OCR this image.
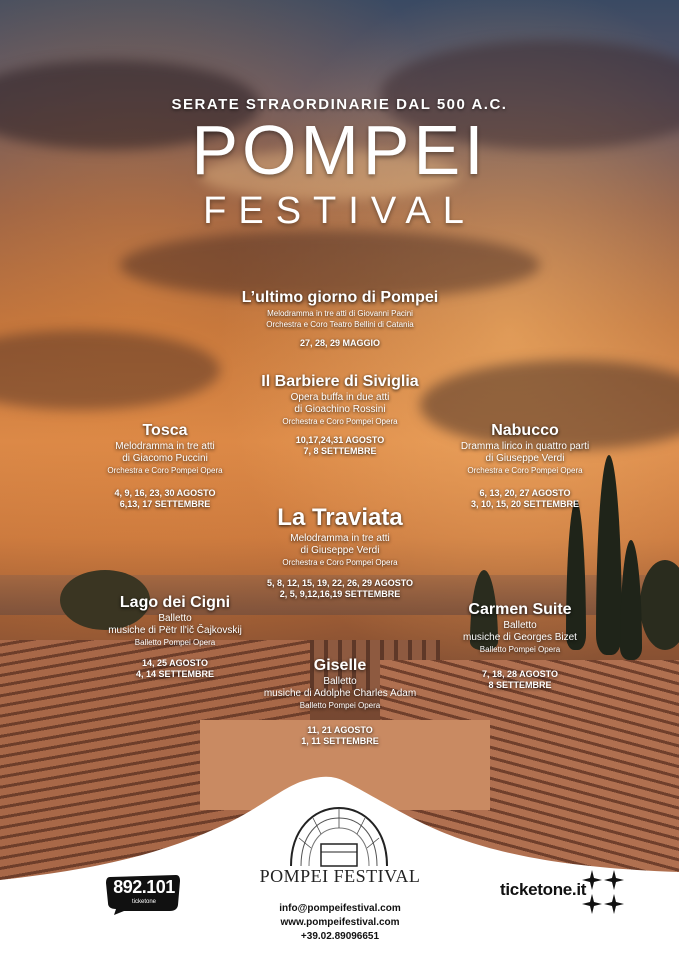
SERATE STRAORDINARIE DAL 500 A.C.
POMPEI
FESTIVAL
L’ultimo giorno di Pompei
Melodramma in tre atti di Giovanni Pacini
Orchestra e Coro Teatro Bellini di Catania
27, 28, 29 MAGGIO
Il Barbiere di Siviglia
Opera buffa in due atti
di Gioachino Rossini
Orchestra e Coro Pompei Opera
10,17,24,31 AGOSTO
7, 8 SETTEMBRE
Tosca
Melodramma in tre atti
di Giacomo Puccini
Orchestra e Coro Pompei Opera
4, 9, 16, 23, 30 AGOSTO
6,13, 17 SETTEMBRE
Nabucco
Dramma lirico in quattro parti
di Giuseppe Verdi
Orchestra e Coro Pompei Opera
6, 13, 20, 27 AGOSTO
3, 10, 15, 20 SETTEMBRE
La Traviata
Melodramma in tre atti
di Giuseppe Verdi
Orchestra e Coro Pompei Opera
5, 8, 12, 15, 19, 22, 26, 29 AGOSTO
2, 5, 9,12,16,19 SETTEMBRE
Lago dei Cigni
Balletto
musiche di Pëtr Il'ič Čajkovskij
Balletto Pompei Opera
14, 25 AGOSTO
4, 14 SETTEMBRE
Carmen Suite
Balletto
musiche di Georges Bizet
Balletto Pompei Opera
7, 18, 28 AGOSTO
8 SETTEMBRE
Giselle
Balletto
musiche di Adolphe Charles Adam
Balletto Pompei Opera
11, 21 AGOSTO
1, 11 SETTEMBRE
POMPEI FESTIVAL
info@pompeifestival.com
www.pompeifestival.com
+39.02.89096651
892.101
ticketone
ticketone.it
